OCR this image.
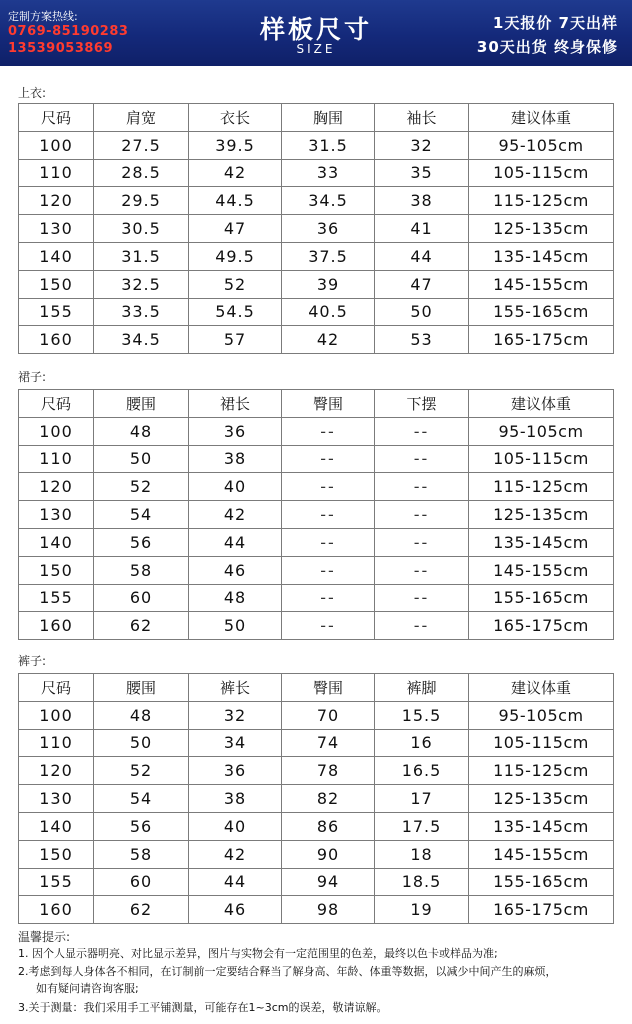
定制方案热线:
0769-85190283
13539053869
样板尺寸
SIZE
1天报价 7天出样
30天出货 终身保修
上衣:
尺码	肩宽	衣长	胸围	袖长	建议体重
100	27.5	39.5	31.5	32	95-105cm
110	28.5	42	33	35	105-115cm
120	29.5	44.5	34.5	38	115-125cm
130	30.5	47	36	41	125-135cm
140	31.5	49.5	37.5	44	135-145cm
150	32.5	52	39	47	145-155cm
155	33.5	54.5	40.5	50	155-165cm
160	34.5	57	42	53	165-175cm
裙子:
尺码	腰围	裙长	臀围	下摆	建议体重
100	48	36	--	--	95-105cm
110	50	38	--	--	105-115cm
120	52	40	--	--	115-125cm
130	54	42	--	--	125-135cm
140	56	44	--	--	135-145cm
150	58	46	--	--	145-155cm
155	60	48	--	--	155-165cm
160	62	50	--	--	165-175cm
裤子:
尺码	腰围	裤长	臀围	裤脚	建议体重
100	48	32	70	15.5	95-105cm
110	50	34	74	16	105-115cm
120	52	36	78	16.5	115-125cm
130	54	38	82	17	125-135cm
140	56	40	86	17.5	135-145cm
150	58	42	90	18	145-155cm
155	60	44	94	18.5	155-165cm
160	62	46	98	19	165-175cm
温馨提示:
1. 因个人显示器明亮、对比显示差异，图片与实物会有一定范围里的色差，最终以色卡或样品为准;
2.考虑到每人身体各不相同，在订制前一定要结合释当了解身高、年龄、体重等数据，以减少中间产生的麻烦，
如有疑问请咨询客服;
3.关于测量：我们采用手工平铺测量，可能存在1~3cm的误差，敬请谅解。
